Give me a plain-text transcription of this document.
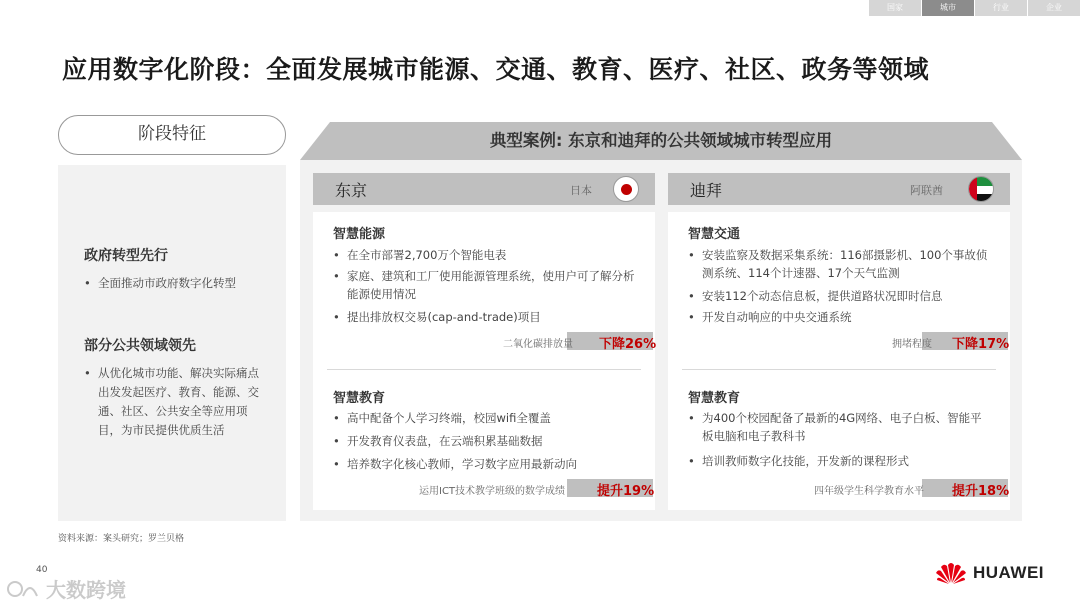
国家	城市	行业	企业
应用数字化阶段：全面发展城市能源、交通、教育、医疗、社区、政务等领域
阶段特征
政府转型先行
• 全面推动市政府数字化转型
部分公共领域领先
• 从优化城市功能、解决实际痛点出发发起医疗、教育、能源、交通、社区、公共安全等应用项目，为市民提供优质生活
典型案例: 东京和迪拜的公共领域城市转型应用
东京	日本	迪拜	阿联酋
智慧能源
• 在全市部署2,700万个智能电表
• 家庭、建筑和工厂使用能源管理系统，使用户可了解分析能源使用情况
• 提出排放权交易(cap-and-trade)项目
二氧化碳排放量 下降26%
智慧教育
• 高中配备个人学习终端，校园wifi全覆盖
• 开发教育仪表盘，在云端积累基础数据
• 培养数字化核心教师，学习数字应用最新动向
运用ICT技术教学班级的数学成绩 提升19%
智慧交通
• 安装监察及数据采集系统：116部摄影机、100个事故侦测系统、114个计速器、17个天气监测
• 安装112个动态信息板，提供道路状况即时信息
• 开发自动响应的中央交通系统
拥堵程度 下降17%
智慧教育
• 为400个校园配备了最新的4G网络、电子白板、智能平板电脑和电子教科书
• 培训教师数字化技能，开发新的课程形式
四年级学生科学教育水平 提升18%
资料来源：案头研究；罗兰贝格
40
大数跨境
HUAWEI
